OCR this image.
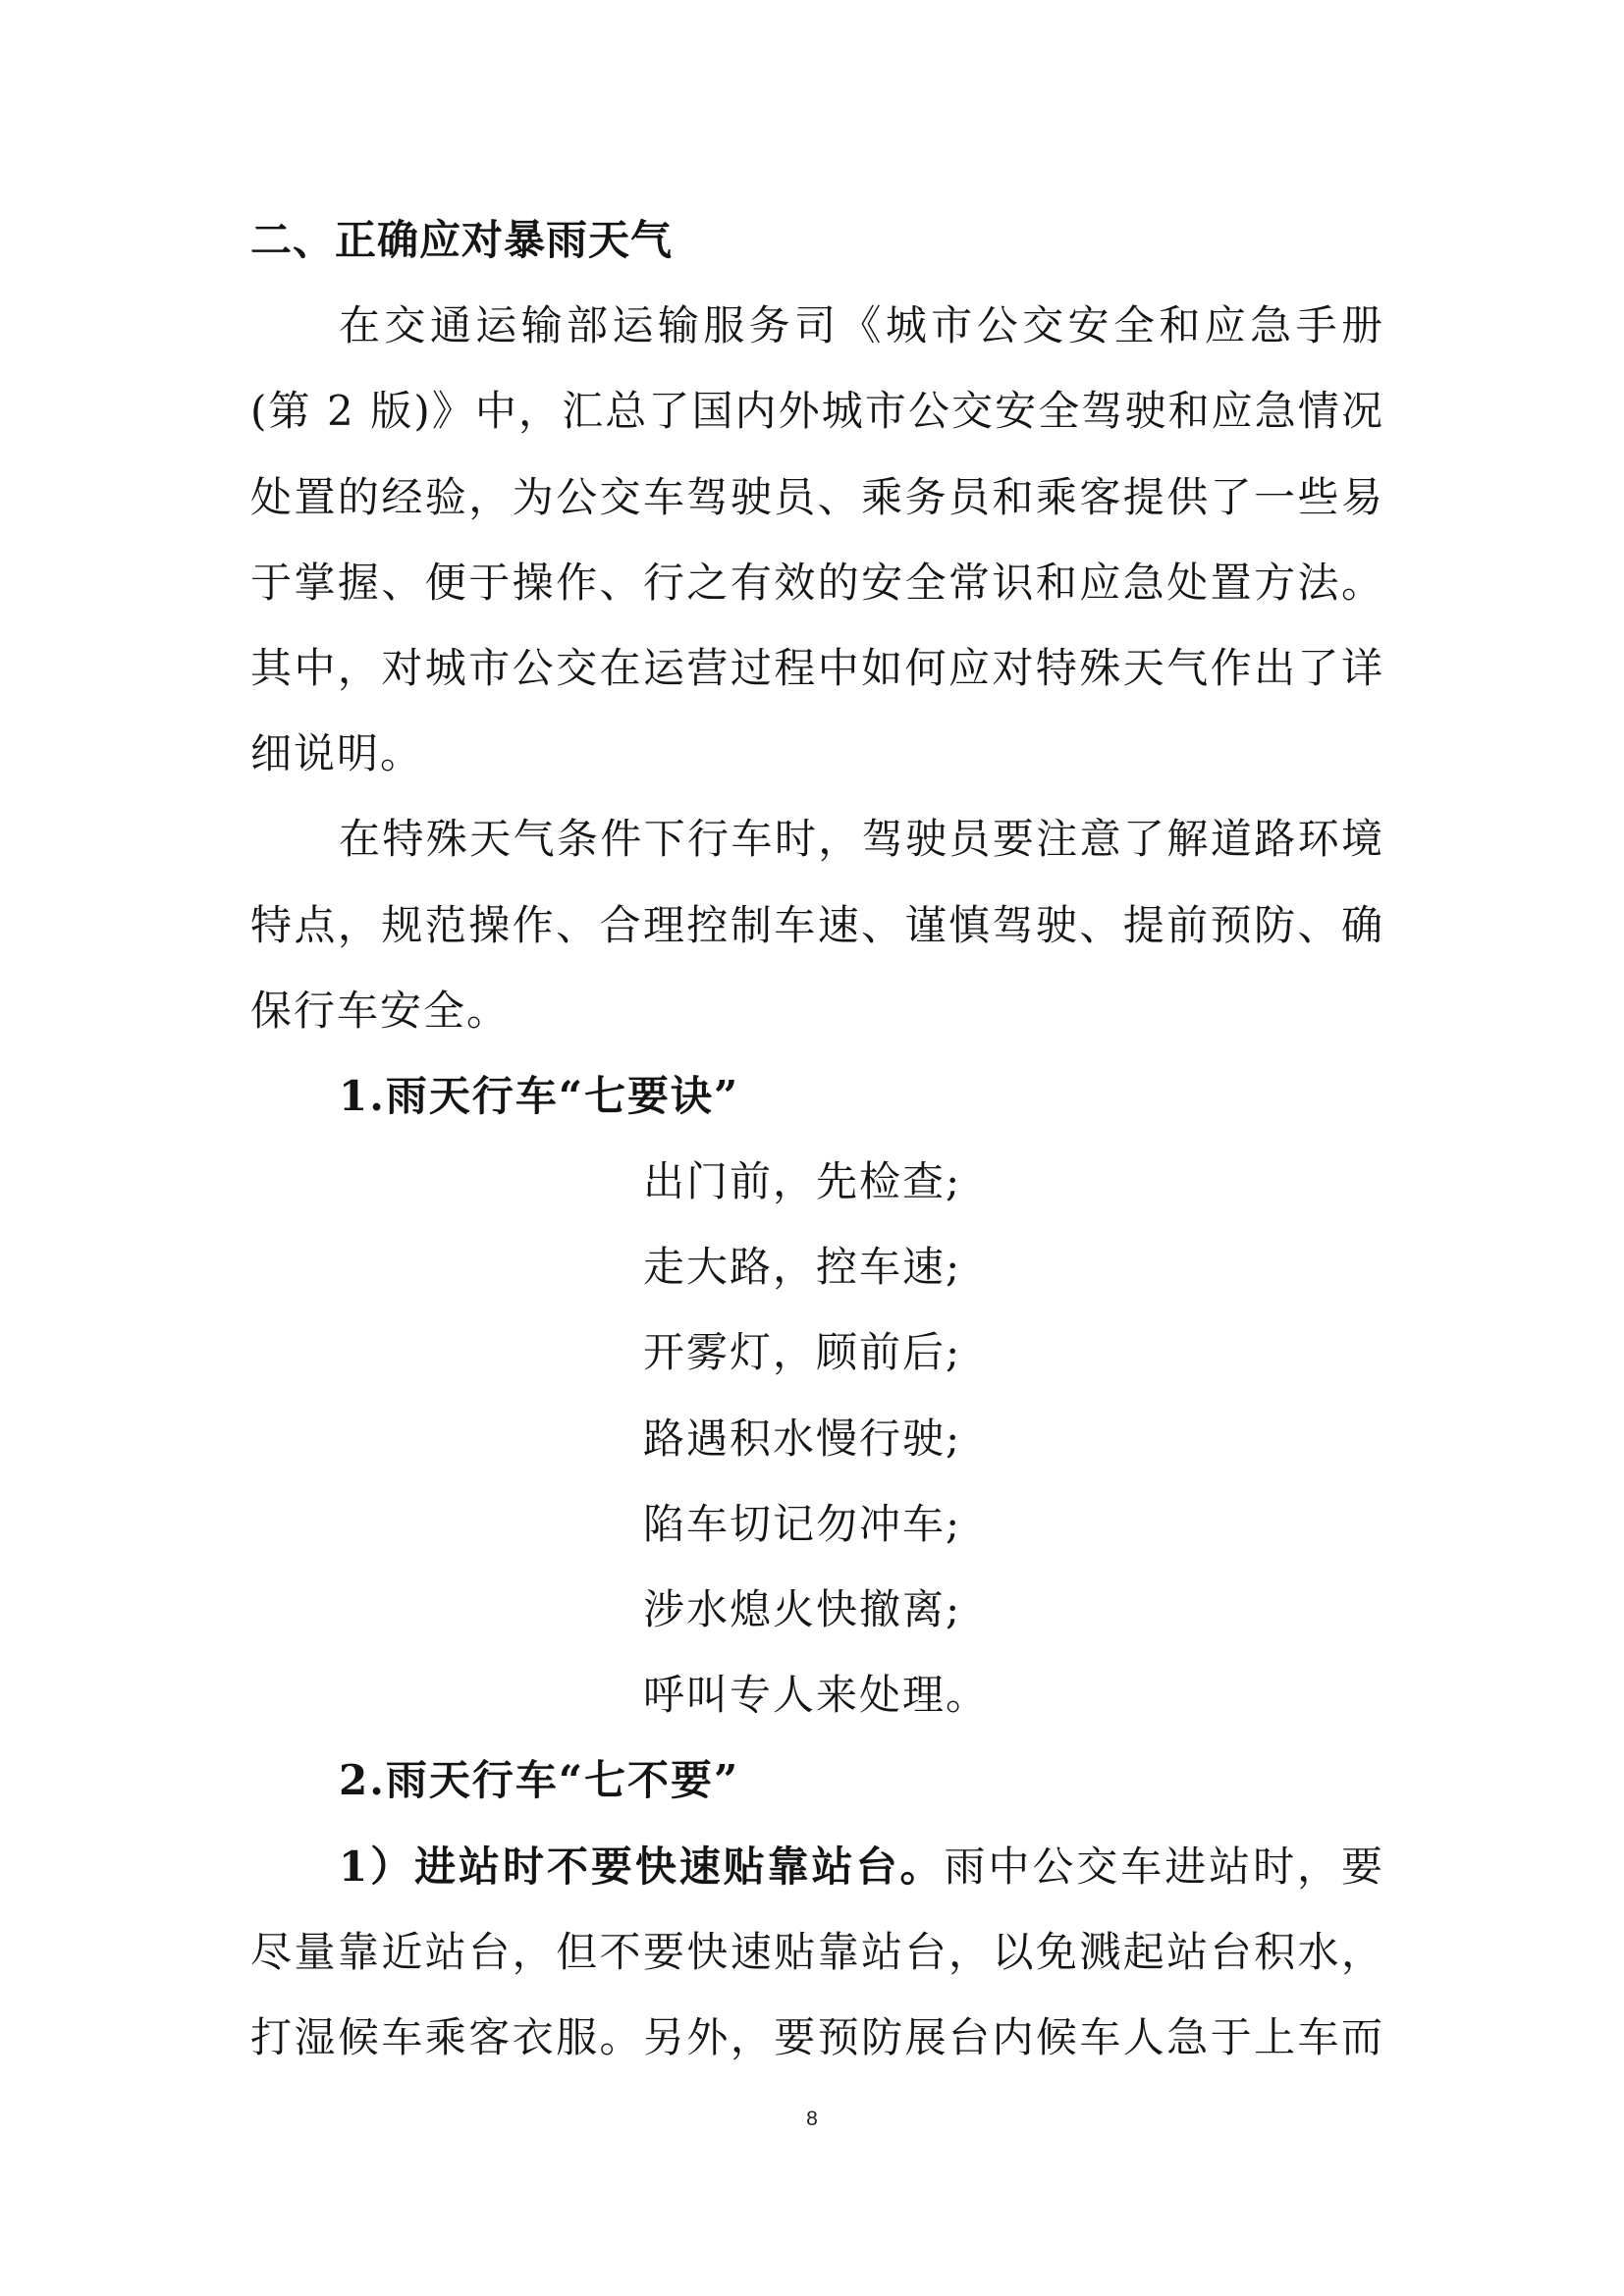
二、正确应对暴雨天气
在交通运输部运输服务司《城市公交安全和应急手册
(第 2 版)》中，汇总了国内外城市公交安全驾驶和应急情况
处置的经验，为公交车驾驶员、乘务员和乘客提供了一些易
于掌握、便于操作、行之有效的安全常识和应急处置方法。
其中，对城市公交在运营过程中如何应对特殊天气作出了详
细说明。
在特殊天气条件下行车时，驾驶员要注意了解道路环境
特点，规范操作、合理控制车速、谨慎驾驶、提前预防、确
保行车安全。
1.雨天行车“七要诀”
出门前，先检查;
走大路，控车速;
开雾灯，顾前后;
路遇积水慢行驶;
陷车切记勿冲车;
涉水熄火快撤离;
呼叫专人来处理。
2.雨天行车“七不要”
1）进站时不要快速贴靠站台。雨中公交车进站时，要
尽量靠近站台，但不要快速贴靠站台，以免溅起站台积水，
打湿候车乘客衣服。另外，要预防展台内候车人急于上车而
8
